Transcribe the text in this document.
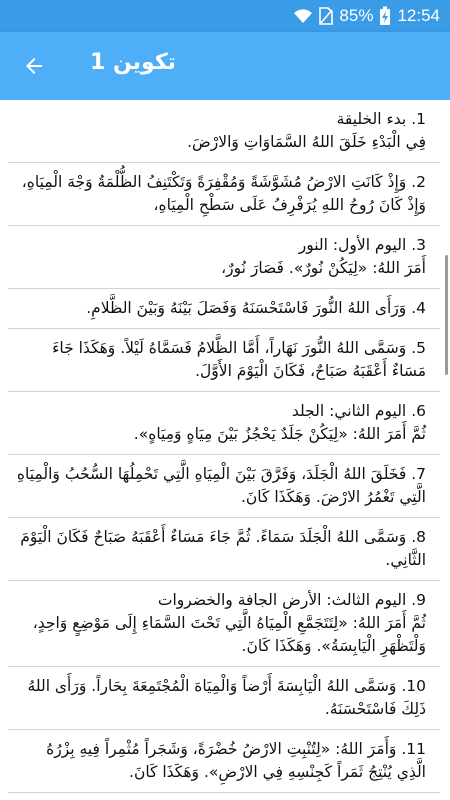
85% 12:54
تكوين 1
1. بدء الخليقة
فِي الْبَدْءِ خَلَقَ اللهُ السَّمَاوَاتِ وَالارْضَ.
2. وَإِذْ كَانَتِ الارْضُ مُشَوَّشَةً وَمُقْفِرَةً وَتَكْتَنِفُ الظُّلْمَةُ وَجْهَ الْمِيَاهِ، وَإِذْ كَانَ رُوحُ اللهِ يُرَفْرِفُ عَلَى سَطْحِ الْمِيَاهِ،
3. اليوم الأول: النور
أَمَرَ اللهُ: «لِيَكُنْ نُورٌ». فَصَارَ نُورٌ،
4. وَرَأَى اللهُ النُّورَ فَاسْتَحْسَنَهُ وَفَصَلَ بَيْنَهُ وَبَيْنَ الظَّلامِ.
5. وَسَمَّى اللهُ النُّورَ نَهَاراً، أَمَّا الظَّلامُ فَسَمَّاهُ لَيْلاً. وَهَكَذَا جَاءَ مَسَاءٌ أَعْقَبَهُ صَبَاحٌ، فَكَانَ الْيَوْمَ الأَوَّلَ.
6. اليوم الثاني: الجلد
ثُمَّ أَمَرَ اللهُ: «لِيَكُنْ جَلَدٌ يَحْجُزُ بَيْنَ مِيَاهٍ وَمِيَاهٍ».
7. فَخَلَقَ اللهُ الْجَلَدَ، وَفَرَّقَ بَيْنَ الْمِيَاهِ الَّتِي تَحْمِلُهَا السُّحُبُ وَالْمِيَاهِ الَّتِي تَغْمُرُ الارْضَ. وَهَكَذَا كَانَ.
8. وَسَمَّى اللهُ الْجَلَدَ سَمَاءً. ثُمَّ جَاءَ مَسَاءٌ أَعْقَبَهُ صَبَاحٌ فَكَانَ الْيَوْمَ الثَّانِي.
9. اليوم الثالث: الأرض الجافة والخضروات
ثُمَّ أَمَرَ اللهُ: «لِتَتَجَمَّعِ الْمِيَاهُ الَّتِي تَحْتَ السَّمَاءِ إِلَى مَوْضِعٍ وَاحِدٍ، وَلْتَظْهَرِ الْيَابِسَةُ». وَهَكَذَا كَانَ.
10. وَسَمَّى اللهُ الْيَابِسَةَ أَرْضاً وَالْمِيَاهَ الْمُجْتَمِعَةَ بِحَاراً. وَرَأَى اللهُ ذَلِكَ فَاسْتَحْسَنَهُ.
11. وَأَمَرَ اللهُ: «لِتُنْبِتِ الارْضُ خُضْرَةً، وَشَجَراً مُثْمِراً فِيهِ بِزْرُهُ الَّذِي يُنْتِجُ ثَمَراً كَجِنْسِهِ فِي الارْضِ». وَهَكَذَا كَانَ.
